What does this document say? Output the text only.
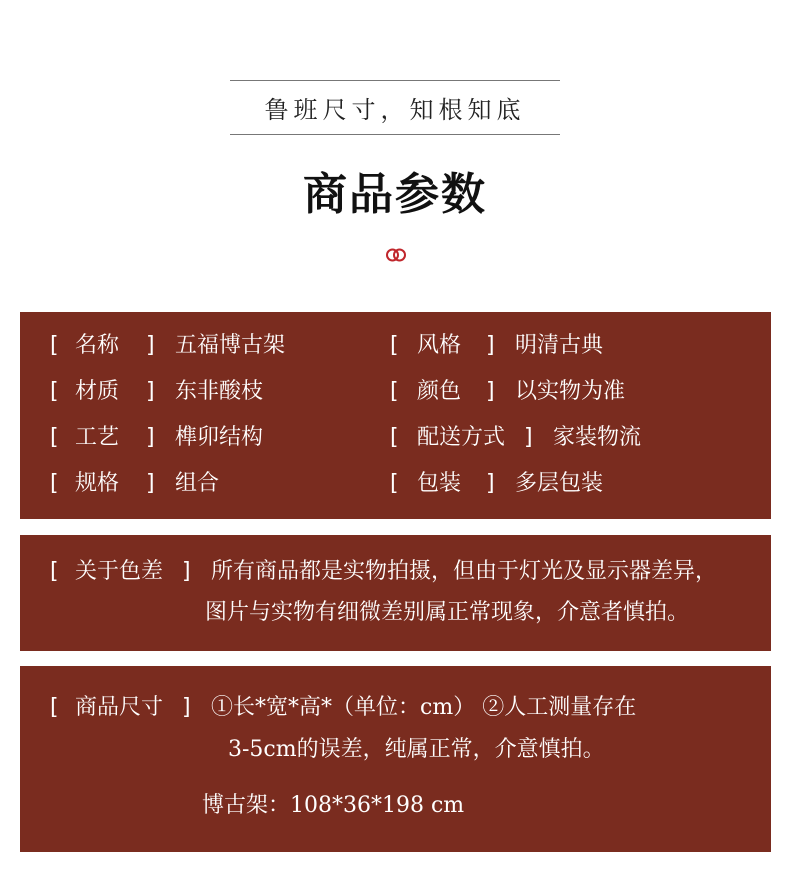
鲁班尺寸，知根知底
商品参数
[ 名称 ] 五福博古架
[ 材质 ] 东非酸枝
[ 工艺 ] 榫卯结构
[ 规格 ] 组合
[ 风格 ] 明清古典
[ 颜色 ] 以实物为准
[ 配送方式 ] 家装物流
[ 包装 ] 多层包装
[ 关于色差 ] 所有商品都是实物拍摄，但由于灯光及显示器差异，
图片与实物有细微差别属正常现象，介意者慎拍。
[ 商品尺寸 ] ①长*宽*高*（单位：cm） ②人工测量存在
3-5cm的误差，纯属正常，介意慎拍。
博古架：108*36*198 cm
